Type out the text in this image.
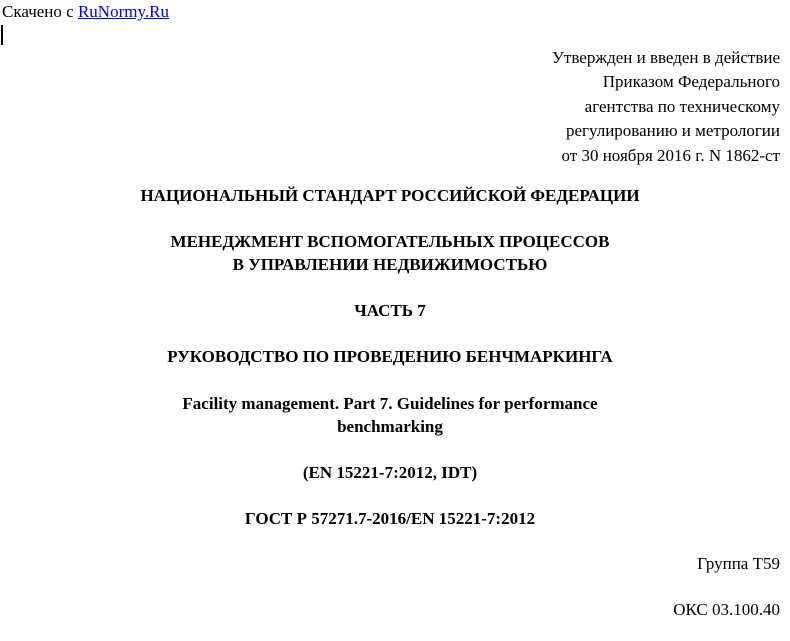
Скачено с RuNormy.Ru
Утвержден и введен в действие
Приказом Федерального
агентства по техническому
регулированию и метрологии
от 30 ноября 2016 г. N 1862-ст
НАЦИОНАЛЬНЫЙ СТАНДАРТ РОССИЙСКОЙ ФЕДЕРАЦИИ
МЕНЕДЖМЕНТ ВСПОМОГАТЕЛЬНЫХ ПРОЦЕССОВ
В УПРАВЛЕНИИ НЕДВИЖИМОСТЬЮ
ЧАСТЬ 7
РУКОВОДСТВО ПО ПРОВЕДЕНИЮ БЕНЧМАРКИНГА
Facility management. Part 7. Guidelines for performance
benchmarking
(EN 15221-7:2012, IDT)
ГОСТ Р 57271.7-2016/EN 15221-7:2012
Группа Т59
ОКС 03.100.40
